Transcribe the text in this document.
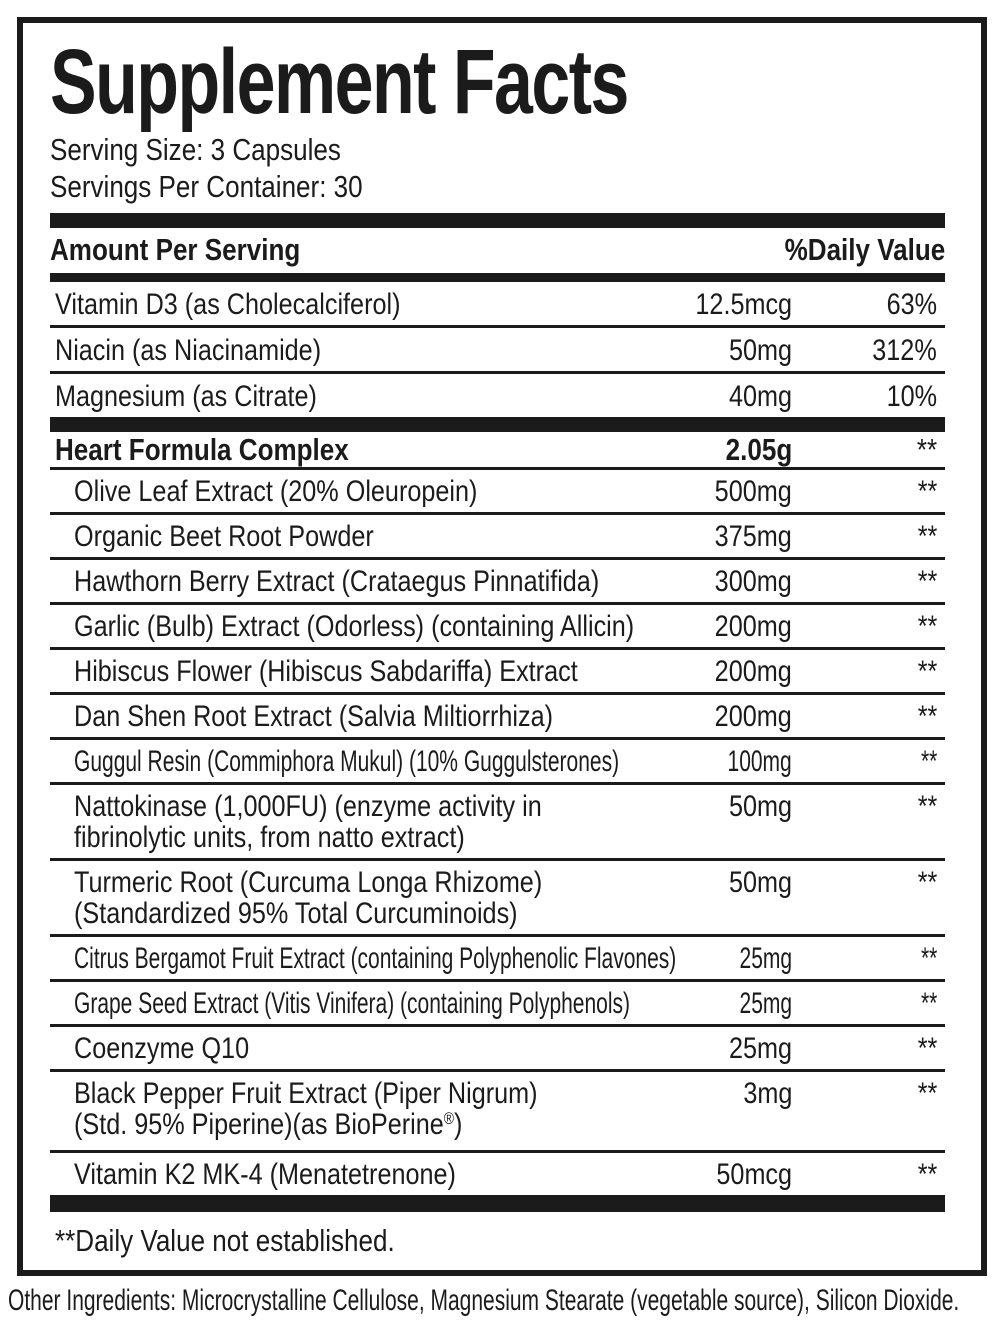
Supplement Facts
Serving Size: 3 Capsules
Servings Per Container: 30
Amount Per Serving	%Daily Value
Vitamin D3 (as Cholecalciferol)	12.5mcg	63%
Niacin (as Niacinamide)	50mg	312%
Magnesium (as Citrate)	40mg	10%
Heart Formula Complex	2.05g	**
Olive Leaf Extract (20% Oleuropein)	500mg	**
Organic Beet Root Powder	375mg	**
Hawthorn Berry Extract (Crataegus Pinnatifida)	300mg	**
Garlic (Bulb) Extract (Odorless) (containing Allicin)	200mg	**
Hibiscus Flower (Hibiscus Sabdariffa) Extract	200mg	**
Dan Shen Root Extract (Salvia Miltiorrhiza)	200mg	**
Guggul Resin (Commiphora Mukul) (10% Guggulsterones)	100mg	**
Nattokinase (1,000FU) (enzyme activity in
fibrinolytic units, from natto extract)
50mg	**
Turmeric Root (Curcuma Longa Rhizome)
(Standardized 95% Total Curcuminoids)
50mg	**
Citrus Bergamot Fruit Extract (containing Polyphenolic Flavones)	25mg	**
Grape Seed Extract (Vitis Vinifera) (containing Polyphenols)	25mg	**
Coenzyme Q10	25mg	**
Black Pepper Fruit Extract (Piper Nigrum)
(Std. 95% Piperine)(as BioPerine®)
3mg	**
Vitamin K2 MK-4 (Menatetrenone)	50mcg	**
**Daily Value not established.
Other Ingredients: Microcrystalline Cellulose, Magnesium Stearate (vegetable source), Silicon Dioxide.
